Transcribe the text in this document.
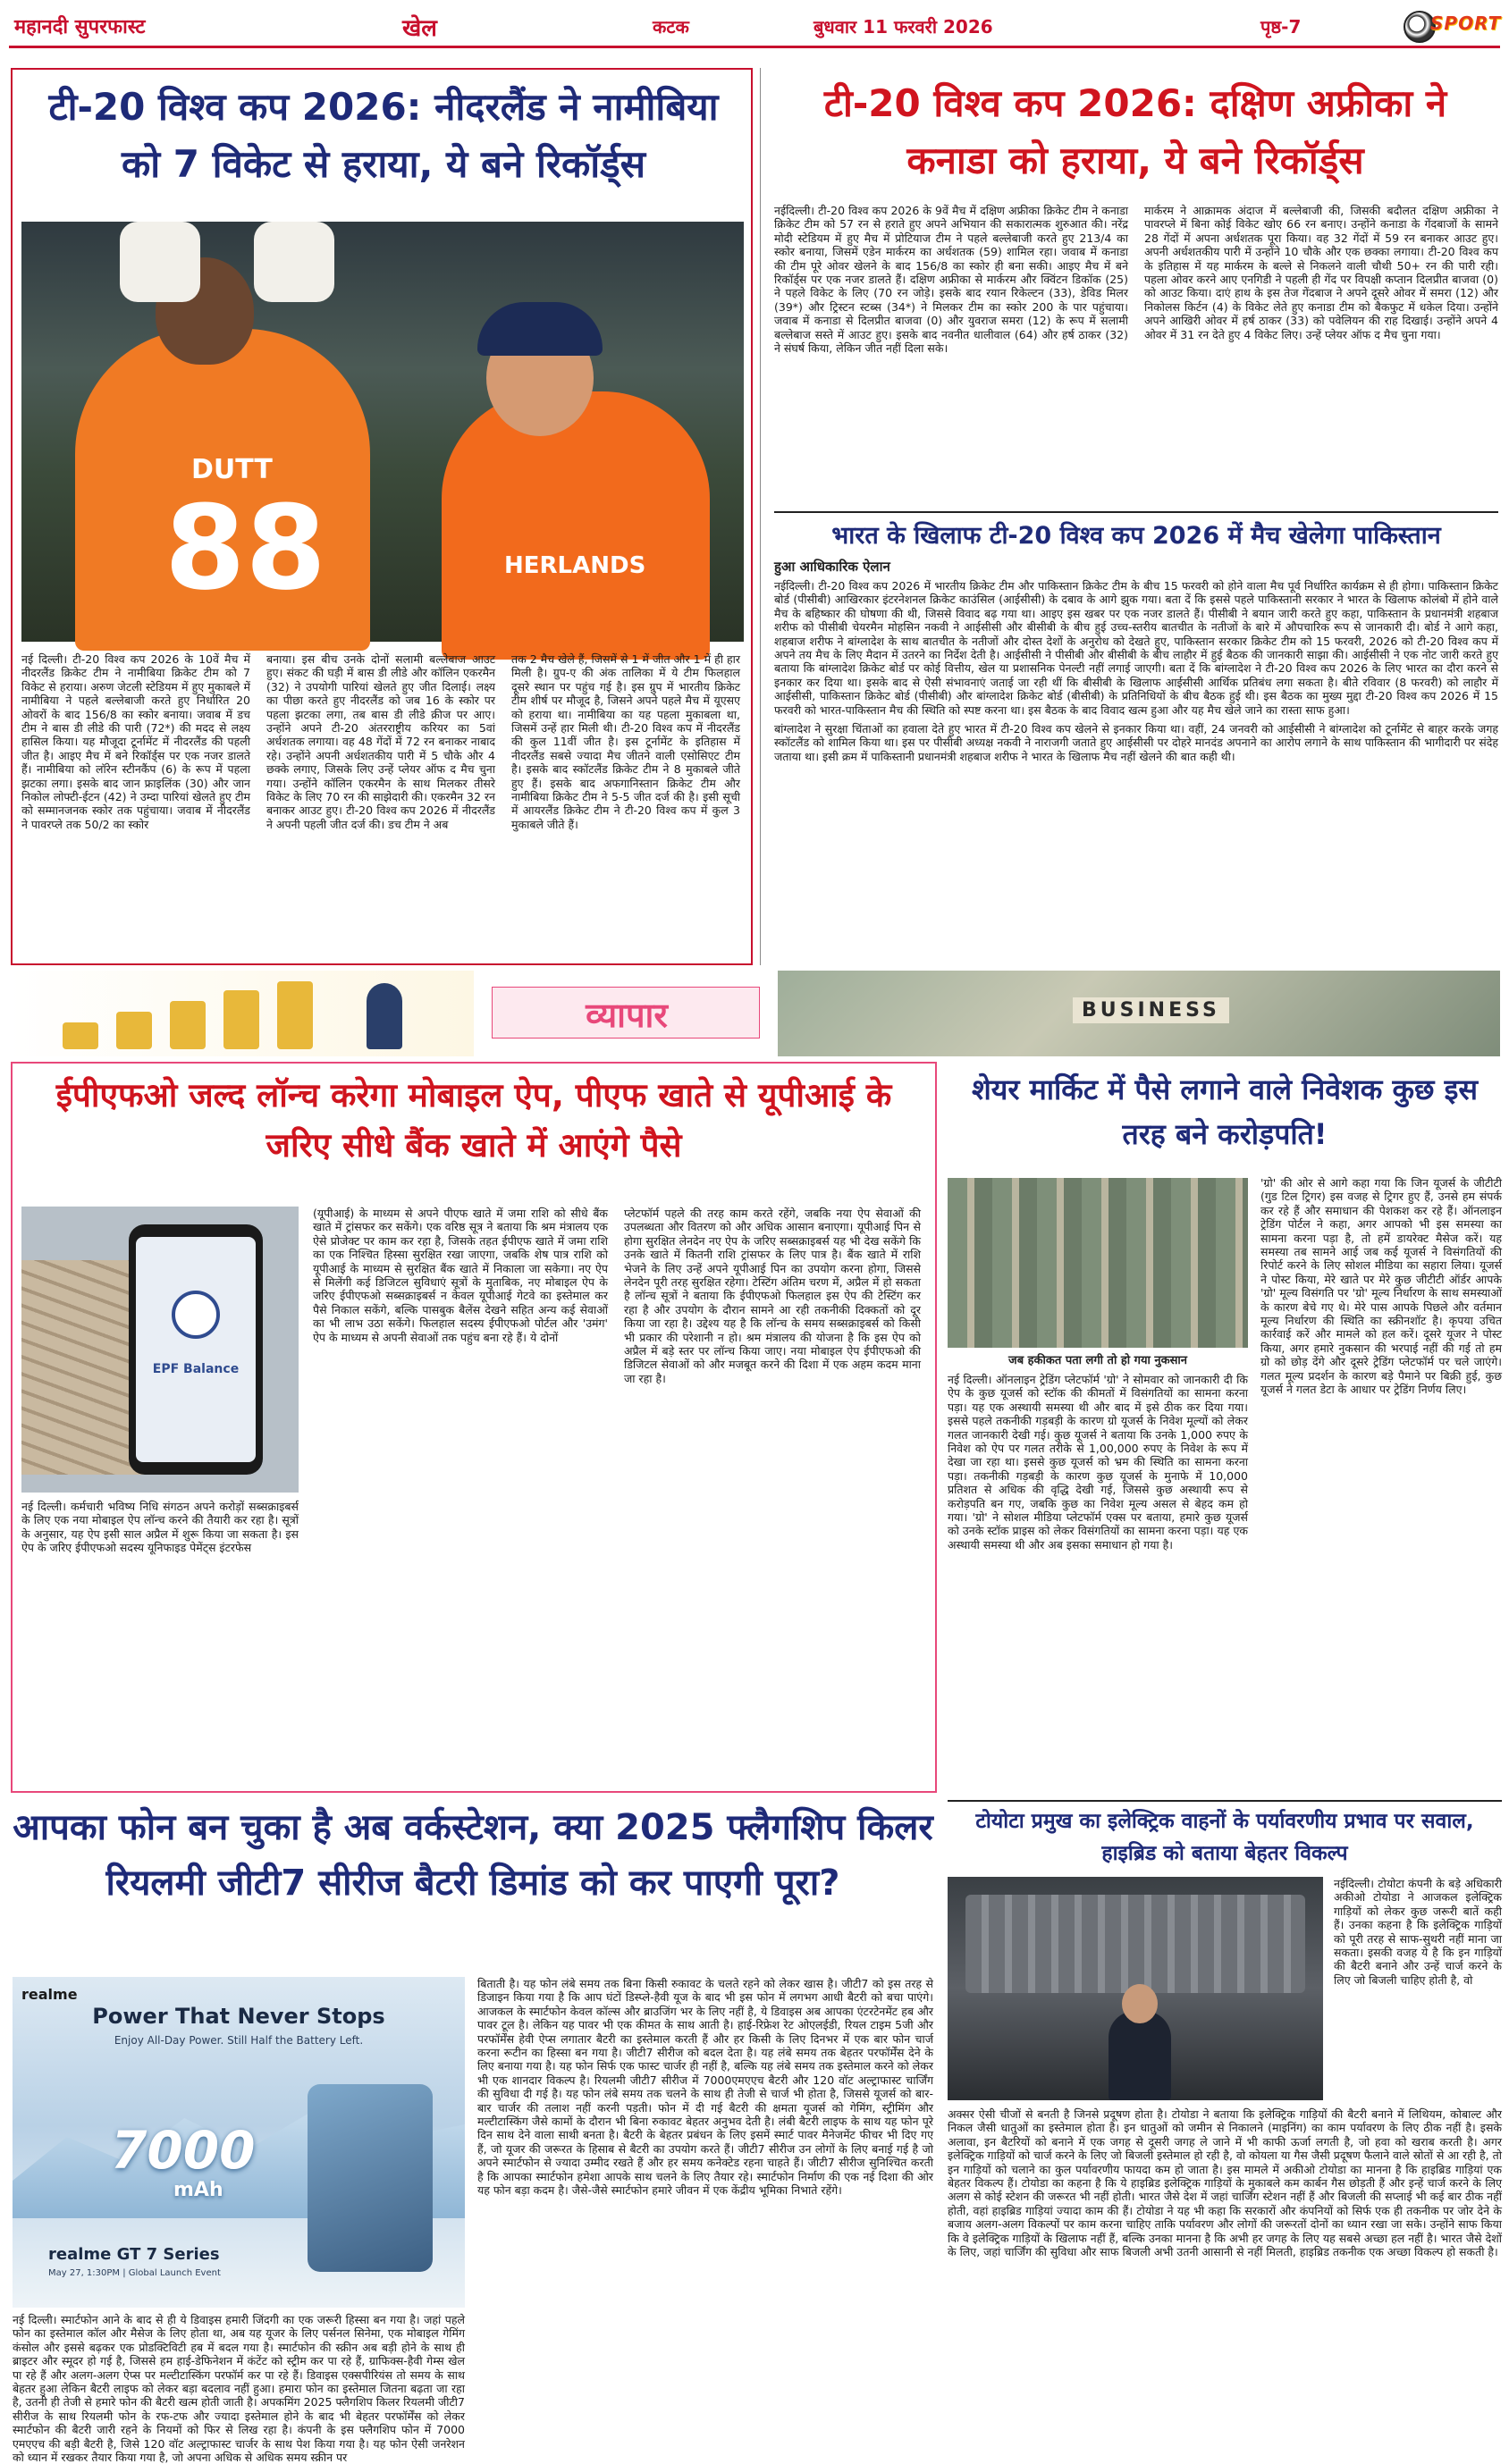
महानदी सुपरफास्ट	खेल	कटक	बुधवार 11 फरवरी 2026	पृष्ठ-7	SPORT
टी-20 विश्व कप 2026: नीदरलैंड ने नामीबिया को 7 विकेट से हराया, ये बने रिकॉर्ड्स
DUTT
88	HERLANDS

नई दिल्ली। टी-20 विश्व कप 2026 के 10वें मैच में नीदरलैंड क्रिकेट टीम ने नामीबिया क्रिकेट टीम को 7 विकेट से हराया। अरुण जेटली स्टेडियम में हुए मुकाबले में नामीबिया ने पहले बल्लेबाजी करते हुए निर्धारित 20 ओवरों के बाद 156/8 का स्कोर बनाया। जवाब में डच टीम ने बास डी लीडे की पारी (72*) की मदद से लक्ष्य हासिल किया। यह मौजूदा टूर्नामेंट में नीदरलैंड की पहली जीत है। आइए मैच में बने रिकॉर्ड्स पर एक नजर डालते हैं। नामीबिया को लॉरेन स्टीनकैंप (6) के रूप में पहला झटका लगा। इसके बाद जान फ्राइलिंक (30) और जान निकोल लोफ्टी-ईटन (42) ने उम्दा पारियां खेलते हुए टीम को सम्मानजनक स्कोर तक पहुंचाया। जवाब में नीदरलैंड ने पावरप्ले तक 50/2 का स्कोर

बनाया। इस बीच उनके दोनों सलामी बल्लेबाज आउट हुए। संकट की घड़ी में बास डी लीडे और कॉलिन एकरमैन (32) ने उपयोगी पारियां खेलते हुए जीत दिलाई। लक्ष्य का पीछा करते हुए नीदरलैंड को जब 16 के स्कोर पर पहला झटका लगा, तब बास डी लीडे क्रीज पर आए। उन्होंने अपने टी-20 अंतरराष्ट्रीय करियर का 5वां अर्धशतक लगाया। वह 48 गेंदों में 72 रन बनाकर नाबाद रहे। उन्होंने अपनी अर्धशतकीय पारी में 5 चौके और 4 छक्के लगाए, जिसके लिए उन्हें प्लेयर ऑफ द मैच चुना गया। उन्होंने कॉलिन एकरमैन के साथ मिलकर तीसरे विकेट के लिए 70 रन की साझेदारी की। एकरमैन 32 रन बनाकर आउट हुए। टी-20 विश्व कप 2026 में नीदरलैंड ने अपनी पहली जीत दर्ज की। डच टीम ने अब

तक 2 मैच खेले हैं, जिसमें से 1 में जीत और 1 में ही हार मिली है। ग्रुप-ए की अंक तालिका में ये टीम फिलहाल दूसरे स्थान पर पहुंच गई है। इस ग्रुप में भारतीय क्रिकेट टीम शीर्ष पर मौजूद है, जिसने अपने पहले मैच में यूएसए को हराया था। नामीबिया का यह पहला मुकाबला था, जिसमें उन्हें हार मिली थी। टी-20 विश्व कप में नीदरलैंड की कुल 11वीं जीत है। इस टूर्नामेंट के इतिहास में नीदरलैंड सबसे ज्यादा मैच जीतने वाली एसोसिएट टीम है। इसके बाद स्कॉटलैंड क्रिकेट टीम ने 8 मुकाबले जीते हुए हैं। इसके बाद अफगानिस्तान क्रिकेट टीम और नामीबिया क्रिकेट टीम ने 5-5 जीत दर्ज की है। इसी सूची में आयरलैंड क्रिकेट टीम ने टी-20 विश्व कप में कुल 3 मुकाबले जीते हैं।

टी-20 विश्व कप 2026: दक्षिण अफ्रीका ने कनाडा को हराया, ये बने रिकॉर्ड्स

नईदिल्ली। टी-20 विश्व कप 2026 के 9वें मैच में दक्षिण अफ्रीका क्रिकेट टीम ने कनाडा क्रिकेट टीम को 57 रन से हराते हुए अपने अभियान की सकारात्मक शुरुआत की। नरेंद्र मोदी स्टेडियम में हुए मैच में प्रोटियाज टीम ने पहले बल्लेबाजी करते हुए 213/4 का स्कोर बनाया, जिसमें एडेन मार्करम का अर्धशतक (59) शामिल रहा। जवाब में कनाडा की टीम पूरे ओवर खेलने के बाद 156/8 का स्कोर ही बना सकी। आइए मैच में बने रिकॉर्ड्स पर एक नजर डालते हैं। दक्षिण अफ्रीका से मार्करम और क्विंटन डिकॉक (25) ने पहले विकेट के लिए (70 रन जोड़े। इसके बाद रयान रिकेल्टन (33), डेविड मिलर (39*) और ट्रिस्टन स्टब्स (34*) ने मिलकर टीम का स्कोर 200 के पार पहुंचाया। जवाब में कनाडा से दिलप्रीत बाजवा (0) और युवराज समरा (12) के रूप में सलामी बल्लेबाज सस्ते में आउट हुए। इसके बाद नवनीत धालीवाल (64) और हर्ष ठाकर (32) ने संघर्ष किया, लेकिन जीत नहीं दिला सके।

मार्करम ने आक्रामक अंदाज में बल्लेबाजी की, जिसकी बदौलत दक्षिण अफ्रीका ने पावरप्ले में बिना कोई विकेट खोए 66 रन बनाए। उन्होंने कनाडा के गेंदबाजों के सामने 28 गेंदों में अपना अर्धशतक पूरा किया। वह 32 गेंदों में 59 रन बनाकर आउट हुए। अपनी अर्धशतकीय पारी में उन्होंने 10 चौके और एक छक्का लगाया। टी-20 विश्व कप के इतिहास में यह मार्करम के बल्ले से निकलने वाली चौथी 50+ रन की पारी रही। पहला ओवर करने आए एनगिडी ने पहली ही गेंद पर विपक्षी कप्तान दिलप्रीत बाजवा (0) को आउट किया। दाएं हाथ के इस तेज गेंदबाज ने अपने दूसरे ओवर में समरा (12) और निकोलस किर्टन (4) के विकेट लेते हुए कनाडा टीम को बैकफुट में धकेल दिया। उन्होंने अपने आखिरी ओवर में हर्ष ठाकर (33) को पवेलियन की राह दिखाई। उन्होंने अपने 4 ओवर में 31 रन देते हुए 4 विकेट लिए। उन्हें प्लेयर ऑफ द मैच चुना गया।

भारत के खिलाफ टी-20 विश्व कप 2026 में मैच खेलेगा पाकिस्तान
हुआ आधिकारिक ऐलान

नईदिल्ली। टी-20 विश्व कप 2026 में भारतीय क्रिकेट टीम और पाकिस्तान क्रिकेट टीम के बीच 15 फरवरी को होने वाला मैच पूर्व निर्धारित कार्यक्रम से ही होगा। पाकिस्तान क्रिकेट बोर्ड (पीसीबी) आखिरकार इंटरनेशनल क्रिकेट काउंसिल (आईसीसी) के दबाव के आगे झुक गया। बता दें कि इससे पहले पाकिस्तानी सरकार ने भारत के खिलाफ कोलंबो में होने वाले मैच के बहिष्कार की घोषणा की थी, जिससे विवाद बढ़ गया था। आइए इस खबर पर एक नजर डालते हैं। पीसीबी ने बयान जारी करते हुए कहा, पाकिस्तान के प्रधानमंत्री शहबाज शरीफ को पीसीबी चेयरमैन मोहसिन नकवी ने आईसीसी और बीसीबी के बीच हुई उच्च-स्तरीय बातचीत के नतीजों के बारे में औपचारिक रूप से जानकारी दी। बोर्ड ने आगे कहा, शहबाज शरीफ ने बांग्लादेश के साथ बातचीत के नतीजों और दोस्त देशों के अनुरोध को देखते हुए, पाकिस्तान सरकार क्रिकेट टीम को 15 फरवरी, 2026 को टी-20 विश्व कप में अपने तय मैच के लिए मैदान में उतरने का निर्देश देती है। आईसीसी ने पीसीबी और बीसीबी के बीच लाहौर में हुई बैठक की जानकारी साझा की। आईसीसी ने एक नोट जारी करते हुए बताया कि बांग्लादेश क्रिकेट बोर्ड पर कोई वित्तीय, खेल या प्रशासनिक पेनल्टी नहीं लगाई जाएगी। बता दें कि बांग्लादेश ने टी-20 विश्व कप 2026 के लिए भारत का दौरा करने से इनकार कर दिया था। इसके बाद से ऐसी संभावनाएं जताई जा रही थीं कि बीसीबी के खिलाफ आईसीसी आर्थिक प्रतिबंध लगा सकता है। बीते रविवार (8 फरवरी) को लाहौर में आईसीसी, पाकिस्तान क्रिकेट बोर्ड (पीसीबी) और बांग्लादेश क्रिकेट बोर्ड (बीसीबी) के प्रतिनिधियों के बीच बैठक हुई थी। इस बैठक का मुख्य मुद्दा टी-20 विश्व कप 2026 में 15 फरवरी को भारत-पाकिस्तान मैच की स्थिति को स्पष्ट करना था। इस बैठक के बाद विवाद खत्म हुआ और यह मैच खेले जाने का रास्ता साफ हुआ।

बांग्लादेश ने सुरक्षा चिंताओं का हवाला देते हुए भारत में टी-20 विश्व कप खेलने से इनकार किया था। वहीं, 24 जनवरी को आईसीसी ने बांग्लादेश को टूर्नामेंट से बाहर करके जगह स्कॉटलैंड को शामिल किया था। इस पर पीसीबी अध्यक्ष नकवी ने नाराजगी जताते हुए आईसीसी पर दोहरे मानदंड अपनाने का आरोप लगाने के साथ पाकिस्तान की भागीदारी पर संदेह जताया था। इसी क्रम में पाकिस्तानी प्रधानमंत्री शहबाज शरीफ ने भारत के खिलाफ मैच नहीं खेलने की बात कही थी।

व्यापार	BUSINESS
ईपीएफओ जल्द लॉन्च करेगा मोबाइल ऐप, पीएफ खाते से यूपीआई के जरिए सीधे बैंक खाते में आएंगे पैसे
EPF Balance

नई दिल्ली। कर्मचारी भविष्य निधि संगठन अपने करोड़ों सब्सक्राइबर्स के लिए एक नया मोबाइल ऐप लॉन्च करने की तैयारी कर रहा है। सूत्रों के अनुसार, यह ऐप इसी साल अप्रैल में शुरू किया जा सकता है। इस ऐप के जरिए ईपीएफओ सदस्य यूनिफाइड पेमेंट्स इंटरफेस

(यूपीआई) के माध्यम से अपने पीएफ खाते में जमा राशि को सीधे बैंक खाते में ट्रांसफर कर सकेंगे। एक वरिष्ठ सूत्र ने बताया कि श्रम मंत्रालय एक ऐसे प्रोजेक्ट पर काम कर रहा है, जिसके तहत ईपीएफ खाते में जमा राशि का एक निश्चित हिस्सा सुरक्षित रखा जाएगा, जबकि शेष पात्र राशि को यूपीआई के माध्यम से सुरक्षित बैंक खाते में निकाला जा सकेगा। नए ऐप से मिलेंगी कई डिजिटल सुविधाएं सूत्रों के मुताबिक, नए मोबाइल ऐप के जरिए ईपीएफओ सब्सक्राइबर्स न केवल यूपीआई गेटवे का इस्तेमाल कर पैसे निकाल सकेंगे, बल्कि पासबुक बैलेंस देखने सहित अन्य कई सेवाओं का भी लाभ उठा सकेंगे। फिलहाल सदस्य ईपीएफओ पोर्टल और 'उमंग' ऐप के माध्यम से अपनी सेवाओं तक पहुंच बना रहे हैं। ये दोनों

प्लेटफॉर्म पहले की तरह काम करते रहेंगे, जबकि नया ऐप सेवाओं की उपलब्धता और वितरण को और अधिक आसान बनाएगा। यूपीआई पिन से होगा सुरक्षित लेनदेन नए ऐप के जरिए सब्सक्राइबर्स यह भी देख सकेंगे कि उनके खाते में कितनी राशि ट्रांसफर के लिए पात्र है। बैंक खाते में राशि भेजने के लिए उन्हें अपने यूपीआई पिन का उपयोग करना होगा, जिससे लेनदेन पूरी तरह सुरक्षित रहेगा। टेस्टिंग अंतिम चरण में, अप्रैल में हो सकता है लॉन्च सूत्रों ने बताया कि ईपीएफओ फिलहाल इस ऐप की टेस्टिंग कर रहा है और उपयोग के दौरान सामने आ रही तकनीकी दिक्कतों को दूर किया जा रहा है। उद्देश्य यह है कि लॉन्च के समय सब्सक्राइबर्स को किसी भी प्रकार की परेशानी न हो। श्रम मंत्रालय की योजना है कि इस ऐप को अप्रैल में बड़े स्तर पर लॉन्च किया जाए। नया मोबाइल ऐप ईपीएफओ की डिजिटल सेवाओं को और मजबूत करने की दिशा में एक अहम कदम माना जा रहा है।

शेयर मार्किट में पैसे लगाने वाले निवेशक कुछ इस तरह बने करोड़पति!
जब हकीकत पता लगी तो हो गया नुकसान

'ग्रो' की ओर से आगे कहा गया कि जिन यूजर्स के जीटीटी (गुड टिल ट्रिगर) इस वजह से ट्रिगर हुए हैं, उनसे हम संपर्क कर रहे हैं और समाधान की पेशकश कर रहे हैं। ऑनलाइन ट्रेडिंग पोर्टल ने कहा, अगर आपको भी इस समस्या का सामना करना पड़ा है, तो हमें डायरेक्ट मैसेज करें। यह समस्या तब सामने आई जब कई यूजर्स ने विसंगतियों की रिपोर्ट करने के लिए सोशल मीडिया का सहारा लिया। यूजर्स ने पोस्ट किया, मेरे खाते पर मेरे कुछ जीटीटी ऑर्डर आपके 'ग्रो' मूल्य विसंगति पर 'ग्रो' मूल्य निर्धारण के साथ समस्याओं के कारण बेचे गए थे। मेरे पास आपके पिछले और वर्तमान मूल्य निर्धारण की स्थिति का स्क्रीनशॉट है। कृपया उचित कार्रवाई करें और मामले को हल करें। दूसरे यूजर ने पोस्ट किया, अगर हमारे नुकसान की भरपाई नहीं की गई तो हम ग्रो को छोड़ देंगे और दूसरे ट्रेडिंग प्लेटफॉर्म पर चले जाएंगे। गलत मूल्य प्रदर्शन के कारण बड़े पैमाने पर बिक्री हुई, कुछ यूजर्स ने गलत डेटा के आधार पर ट्रेडिंग निर्णय लिए।

नई दिल्ली। ऑनलाइन ट्रेडिंग प्लेटफॉर्म 'ग्रो' ने सोमवार को जानकारी दी कि ऐप के कुछ यूजर्स को स्टॉक की कीमतों में विसंगतियों का सामना करना पड़ा। यह एक अस्थायी समस्या थी और बाद में इसे ठीक कर दिया गया। इससे पहले तकनीकी गड़बड़ी के कारण ग्रो यूजर्स के निवेश मूल्यों को लेकर गलत जानकारी देखी गई। कुछ यूजर्स ने बताया कि उनके 1,000 रुपए के निवेश को ऐप पर गलत तरीके से 1,00,000 रुपए के निवेश के रूप में देखा जा रहा था। इससे कुछ यूजर्स को भ्रम की स्थिति का सामना करना पड़ा। तकनीकी गड़बड़ी के कारण कुछ यूजर्स के मुनाफे में 10,000 प्रतिशत से अधिक की वृद्धि देखी गई, जिससे कुछ अस्थायी रूप से करोड़पति बन गए, जबकि कुछ का निवेश मूल्य असल से बेहद कम हो गया। 'ग्रो' ने सोशल मीडिया प्लेटफॉर्म एक्स पर बताया, हमारे कुछ यूजर्स को उनके स्टॉक प्राइस को लेकर विसंगतियों का सामना करना पड़ा। यह एक अस्थायी समस्या थी और अब इसका समाधान हो गया है।

आपका फोन बन चुका है अब वर्कस्टेशन, क्या 2025 फ्लैगशिप किलर रियलमी जीटी7 सीरीज बैटरी डिमांड को कर पाएगी पूरा?
realme
Power That Never Stops
Enjoy All-Day Power. Still Half the Battery Left.
7000
mAh
realme GT 7 Series
May 27, 1:30PM | Global Launch Event

बिताती है। यह फोन लंबे समय तक बिना किसी रुकावट के चलते रहने को लेकर खास है। जीटी7 को इस तरह से डिजाइन किया गया है कि आप घंटों डिस्प्ले-हैवी यूज के बाद भी इस फोन में लगभग आधी बैटरी को बचा पाएंगे। आजकल के स्मार्टफोन केवल कॉल्स और ब्राउजिंग भर के लिए नहीं है, ये डिवाइस अब आपका एंटरटेनमेंट हब और पावर टूल है। लेकिन यह पावर भी एक कीमत के साथ आती है। हाई-रिफ्रेश रेट ओएलईडी, रियल टाइम 5जी और परफॉर्मेंस हेवी ऐप्स लगातार बैटरी का इस्तेमाल करती हैं और हर किसी के लिए दिनभर में एक बार फोन चार्ज करना रूटीन का हिस्सा बन गया है। जीटी7 सीरीज को बदल देता है। यह लंबे समय तक बेहतर परफॉर्मेंस देने के लिए बनाया गया है। यह फोन सिर्फ एक फास्ट चार्जर ही नहीं है, बल्कि यह लंबे समय तक इस्तेमाल करने को लेकर भी एक शानदार विकल्प है। रियलमी जीटी7 सीरीज में 7000एमएएच बैटरी और 120 वॉट अल्ट्राफास्ट चार्जिंग की सुविधा दी गई है। यह फोन लंबे समय तक चलने के साथ ही तेजी से चार्ज भी होता है, जिससे यूजर्स को बार-बार चार्जर की तलाश नहीं करनी पड़ती। फोन में दी गई बैटरी की क्षमता यूजर्स को गेमिंग, स्ट्रीमिंग और मल्टीटास्किंग जैसे कामों के दौरान भी बिना रुकावट बेहतर अनुभव देती है। लंबी बैटरी लाइफ के साथ यह फोन पूरे दिन साथ देने वाला साथी बनता है। बैटरी के बेहतर प्रबंधन के लिए इसमें स्मार्ट पावर मैनेजमेंट फीचर भी दिए गए हैं, जो यूजर की जरूरत के हिसाब से बैटरी का उपयोग करते हैं। जीटी7 सीरीज उन लोगों के लिए बनाई गई है जो अपने स्मार्टफोन से ज्यादा उम्मीद रखते हैं और हर समय कनेक्टेड रहना चाहते हैं। जीटी7 सीरीज सुनिश्चित करती है कि आपका स्मार्टफोन हमेशा आपके साथ चलने के लिए तैयार रहे। स्मार्टफोन निर्माण की एक नई दिशा की ओर यह फोन बड़ा कदम है। जैसे-जैसे स्मार्टफोन हमारे जीवन में एक केंद्रीय भूमिका निभाते रहेंगे।

नई दिल्ली। स्मार्टफोन आने के बाद से ही ये डिवाइस हमारी जिंदगी का एक जरूरी हिस्सा बन गया है। जहां पहले फोन का इस्तेमाल कॉल और मैसेज के लिए होता था, अब यह यूजर के लिए पर्सनल सिनेमा, एक मोबाइल गेमिंग कंसोल और इससे बढ़कर एक प्रोडक्टिविटी हब में बदल गया है। स्मार्टफोन की स्क्रीन अब बड़ी होने के साथ ही ब्राइटर और स्मूदर हो गई है, जिससे हम हाई-डेफिनेशन में कंटेंट को स्ट्रीम कर पा रहे हैं, ग्राफिक्स-हैवी गेम्स खेल पा रहे हैं और अलग-अलग ऐप्स पर मल्टीटास्किंग परफॉर्म कर पा रहे हैं। डिवाइस एक्सपीरियंस तो समय के साथ बेहतर हुआ लेकिन बैटरी लाइफ को लेकर बड़ा बदलाव नहीं हुआ। हमारा फोन का इस्तेमाल जितना बढ़ता जा रहा है, उतनी ही तेजी से हमारे फोन की बैटरी खत्म होती जाती है। अपकमिंग 2025 फ्लैगशिप किलर रियलमी जीटी7 सीरीज के साथ रियलमी फोन के रफ-टफ और ज्यादा इस्तेमाल होने के बाद भी बेहतर परफॉर्मेंस को लेकर स्मार्टफोन की बैटरी जारी रहने के नियमों को फिर से लिख रहा है। कंपनी के इस फ्लैगशिप फोन में 7000 एमएएच की बड़ी बैटरी है, जिसे 120 वॉट अल्ट्राफास्ट चार्जर के साथ पेश किया गया है। यह फोन ऐसी जनरेशन को ध्यान में रखकर तैयार किया गया है, जो अपना अधिक से अधिक समय स्क्रीन पर

टोयोटा प्रमुख का इलेक्ट्रिक वाहनों के पर्यावरणीय प्रभाव पर सवाल, हाइब्रिड को बताया बेहतर विकल्प

नईदिल्ली। टोयोटा कंपनी के बड़े अधिकारी अकीओ टोयोडा ने आजकल इलेक्ट्रिक गाड़ियों को लेकर कुछ जरूरी बातें कही हैं। उनका कहना है कि इलेक्ट्रिक गाड़ियों को पूरी तरह से साफ-सुथरी नहीं माना जा सकता। इसकी वजह ये है कि इन गाड़ियों की बैटरी बनाने और उन्हें चार्ज करने के लिए जो बिजली चाहिए होती है, वो

अक्सर ऐसी चीजों से बनती है जिनसे प्रदूषण होता है। टोयोडा ने बताया कि इलेक्ट्रिक गाड़ियों की बैटरी बनाने में लिथियम, कोबाल्ट और निकल जैसी धातुओं का इस्तेमाल होता है। इन धातुओं को जमीन से निकालने (माइनिंग) का काम पर्यावरण के लिए ठीक नहीं है। इसके अलावा, इन बैटरियों को बनाने में एक जगह से दूसरी जगह ले जाने में भी काफी ऊर्जा लगती है, जो हवा को खराब करती है। अगर इलेक्ट्रिक गाड़ियों को चार्ज करने के लिए जो बिजली इस्तेमाल हो रही है, वो कोयला या गैस जैसी प्रदूषण फैलाने वाले स्रोतों से आ रही है, तो इन गाड़ियों को चलाने का कुल पर्यावरणीय फायदा कम हो जाता है। इस मामले में अकीओ टोयोडा का मानना है कि हाइब्रिड गाड़ियां एक बेहतर विकल्प हैं। टोयोडा का कहना है कि ये हाइब्रिड इलेक्ट्रिक गाड़ियों के मुकाबले कम कार्बन गैस छोड़ती हैं और इन्हें चार्ज करने के लिए अलग से कोई स्टेशन की जरूरत भी नहीं होती। भारत जैसे देश में जहां चार्जिंग स्टेशन नहीं हैं और बिजली की सप्लाई भी कई बार ठीक नहीं होती, वहां हाइब्रिड गाड़ियां ज्यादा काम की हैं। टोयोडा ने यह भी कहा कि सरकारों और कंपनियों को सिर्फ एक ही तकनीक पर जोर देने के बजाय अलग-अलग विकल्पों पर काम करना चाहिए ताकि पर्यावरण और लोगों की जरूरतों दोनों का ध्यान रखा जा सके। उन्होंने साफ किया कि वे इलेक्ट्रिक गाड़ियों के खिलाफ नहीं हैं, बल्कि उनका मानना है कि अभी हर जगह के लिए यह सबसे अच्छा हल नहीं है। भारत जैसे देशों के लिए, जहां चार्जिंग की सुविधा और साफ बिजली अभी उतनी आसानी से नहीं मिलती, हाइब्रिड तकनीक एक अच्छा विकल्प हो सकती है।
